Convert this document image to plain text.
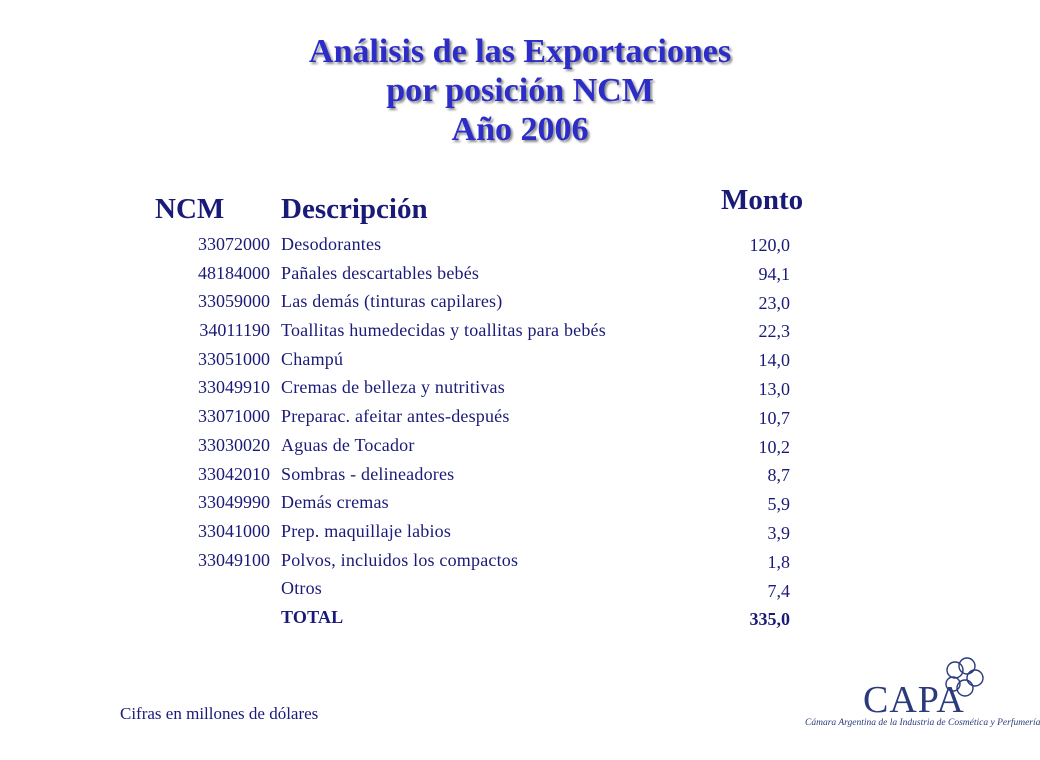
Análisis de las Exportaciones
por posición NCM
Año 2006
NCM Descripción	Monto
33072000
48184000
33059000
34011190
33051000
33049910
33071000
33030020
33042010
33049990
33041000
33049100
Desodorantes
Pañales descartables bebés
Las demás (tinturas capilares)
Toallitas humedecidas y toallitas para bebés
Champú
Cremas de belleza y nutritivas
Preparac. afeitar antes-después
Aguas de Tocador
Sombras - delineadores
Demás cremas
Prep. maquillaje labios
Polvos, incluidos los compactos
Otros
TOTAL
120,0
94,1
23,0
22,3
14,0
13,0
10,7
10,2
8,7
5,9
3,9
1,8
7,4
335,0
Cifras en millones de dólares	CAPA
Cámara Argentina de la Industria de Cosmética y Perfumería
